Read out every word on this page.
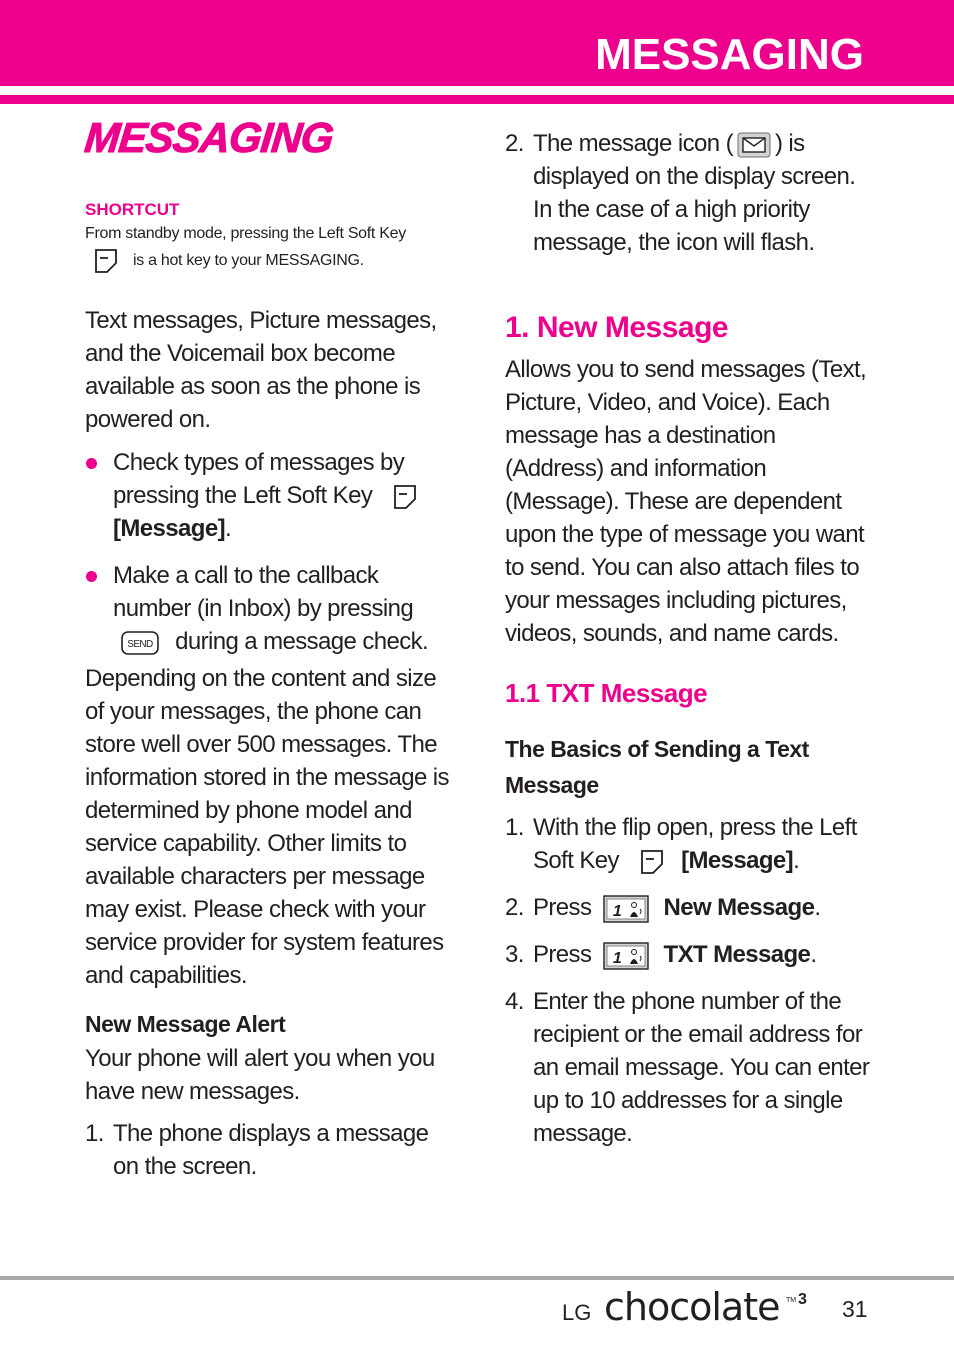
MESSAGING
MESSAGING
SHORTCUT
From standby mode, pressing the Left Soft Key
is a hot key to your MESSAGING.
Text messages, Picture messages, and the Voicemail box become available as soon as the phone is powered on.
Check types of messages by pressing the Left Soft Key  [Message].
Make a call to the callback number (in Inbox) by pressing
SEND during a message check.
Depending on the content and size of your messages, the phone can store well over 500 messages. The information stored in the message is determined by phone model and service capability. Other limits to available characters per message may exist. Please check with your service provider for system features and capabilities.
New Message Alert
Your phone will alert you when you have new messages.
1. The phone displays a message on the screen.
2. The message icon ( ) is displayed on the display screen. In the case of a high priority message, the icon will flash.
1. New Message
Allows you to send messages (Text, Picture, Video, and Voice). Each message has a destination (Address) and information (Message). These are dependent upon the type of message you want to send. You can also attach files to your messages including pictures, videos, sounds, and name cards.
1.1 TXT Message
The Basics of Sending a Text Message
1. With the flip open, press the Left Soft Key	[Message].
2. Press 1 New Message.
3. Press 1 TXT Message.
4. Enter the phone number of the recipient or the email address for an email message. You can enter up to 10 addresses for a single message.
LG chocolate TM 3 31
